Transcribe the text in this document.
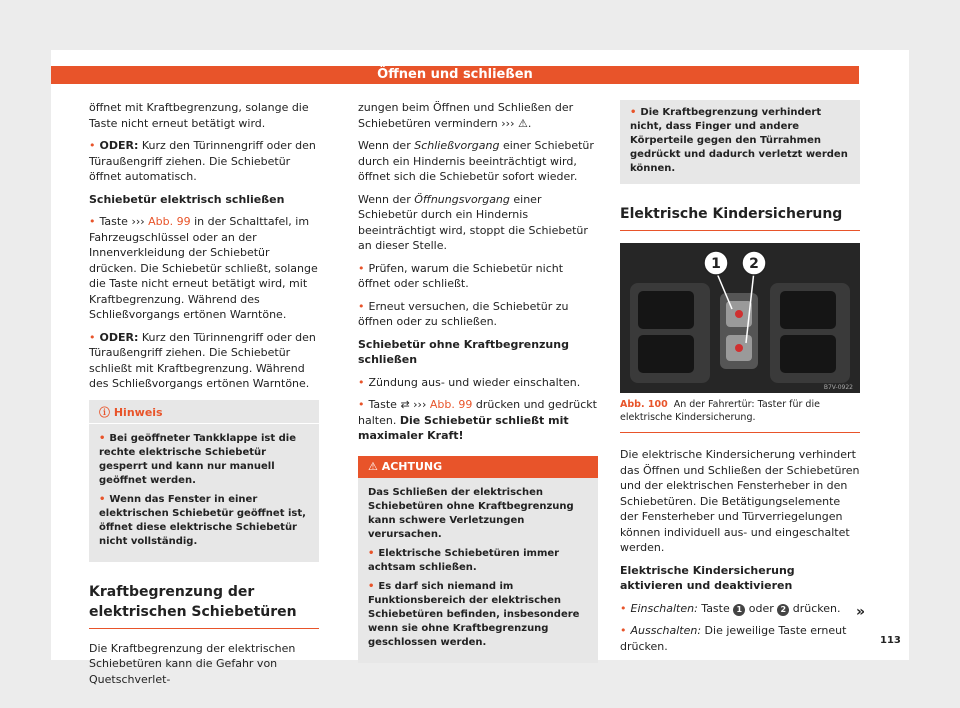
Öffnen und schließen

öffnet mit Kraftbegrenzung, solange die Taste nicht erneut betätigt wird.

• ODER: Kurz den Türinnengriff oder den Türaußengriff ziehen. Die Schiebetür öffnet automatisch.

Schiebetür elektrisch schließen

• Taste ››› Abb. 99 in der Schalttafel, im Fahrzeugschlüssel oder an der Innenverkleidung der Schiebetür drücken. Die Schiebetür schließt, solange die Taste nicht erneut betätigt wird, mit Kraftbegrenzung. Während des Schließvorgangs ertönen Warntöne.

• ODER: Kurz den Türinnengriff oder den Türaußengriff ziehen. Die Schiebetür schließt mit Kraftbegrenzung. Während des Schließvorgangs ertönen Warntöne.

ⓘ Hinweis

• Bei geöffneter Tankklappe ist die rechte elektrische Schiebetür gesperrt und kann nur manuell geöffnet werden.

• Wenn das Fenster in einer elektrischen Schiebetür geöffnet ist, öffnet diese elektrische Schiebetür nicht vollständig.

Kraftbegrenzung der elektrischen Schiebetüren

Die Kraftbegrenzung der elektrischen Schiebetüren kann die Gefahr von Quetschverlet-

zungen beim Öffnen und Schließen der Schiebetüren vermindern ››› ⚠.

Wenn der Schließvorgang einer Schiebetür durch ein Hindernis beeinträchtigt wird, öffnet sich die Schiebetür sofort wieder.

Wenn der Öffnungsvorgang einer Schiebetür durch ein Hindernis beeinträchtigt wird, stoppt die Schiebetür an dieser Stelle.

• Prüfen, warum die Schiebetür nicht öffnet oder schließt.

• Erneut versuchen, die Schiebetür zu öffnen oder zu schließen.

Schiebetür ohne Kraftbegrenzung schließen

• Zündung aus- und wieder einschalten.

• Taste ⇄ ››› Abb. 99 drücken und gedrückt halten. Die Schiebetür schließt mit maximaler Kraft!

⚠ ACHTUNG

Das Schließen der elektrischen Schiebetüren ohne Kraftbegrenzung kann schwere Verletzungen verursachen.

• Elektrische Schiebetüren immer achtsam schließen.

• Es darf sich niemand im Funktionsbereich der elektrischen Schiebetüren befinden, insbesondere wenn sie ohne Kraftbegrenzung geschlossen werden.

• Die Kraftbegrenzung verhindert nicht, dass Finger und andere Körperteile gegen den Türrahmen gedrückt und dadurch verletzt werden können.
Elektrische Kindersicherung
1 2
B7V-0922
Abb. 100 An der Fahrertür: Taster für die elektrische Kindersicherung.

Die elektrische Kindersicherung verhindert das Öffnen und Schließen der Schiebetüren und der elektrischen Fensterheber in den Schiebetüren. Die Betätigungselemente der Fensterheber und Türverriegelungen können individuell aus- und eingeschaltet werden.

Elektrische Kindersicherung aktivieren und deaktivieren

• Einschalten: Taste 1 oder 2 drücken.

• Ausschalten: Die jeweilige Taste erneut drücken.

»
113
